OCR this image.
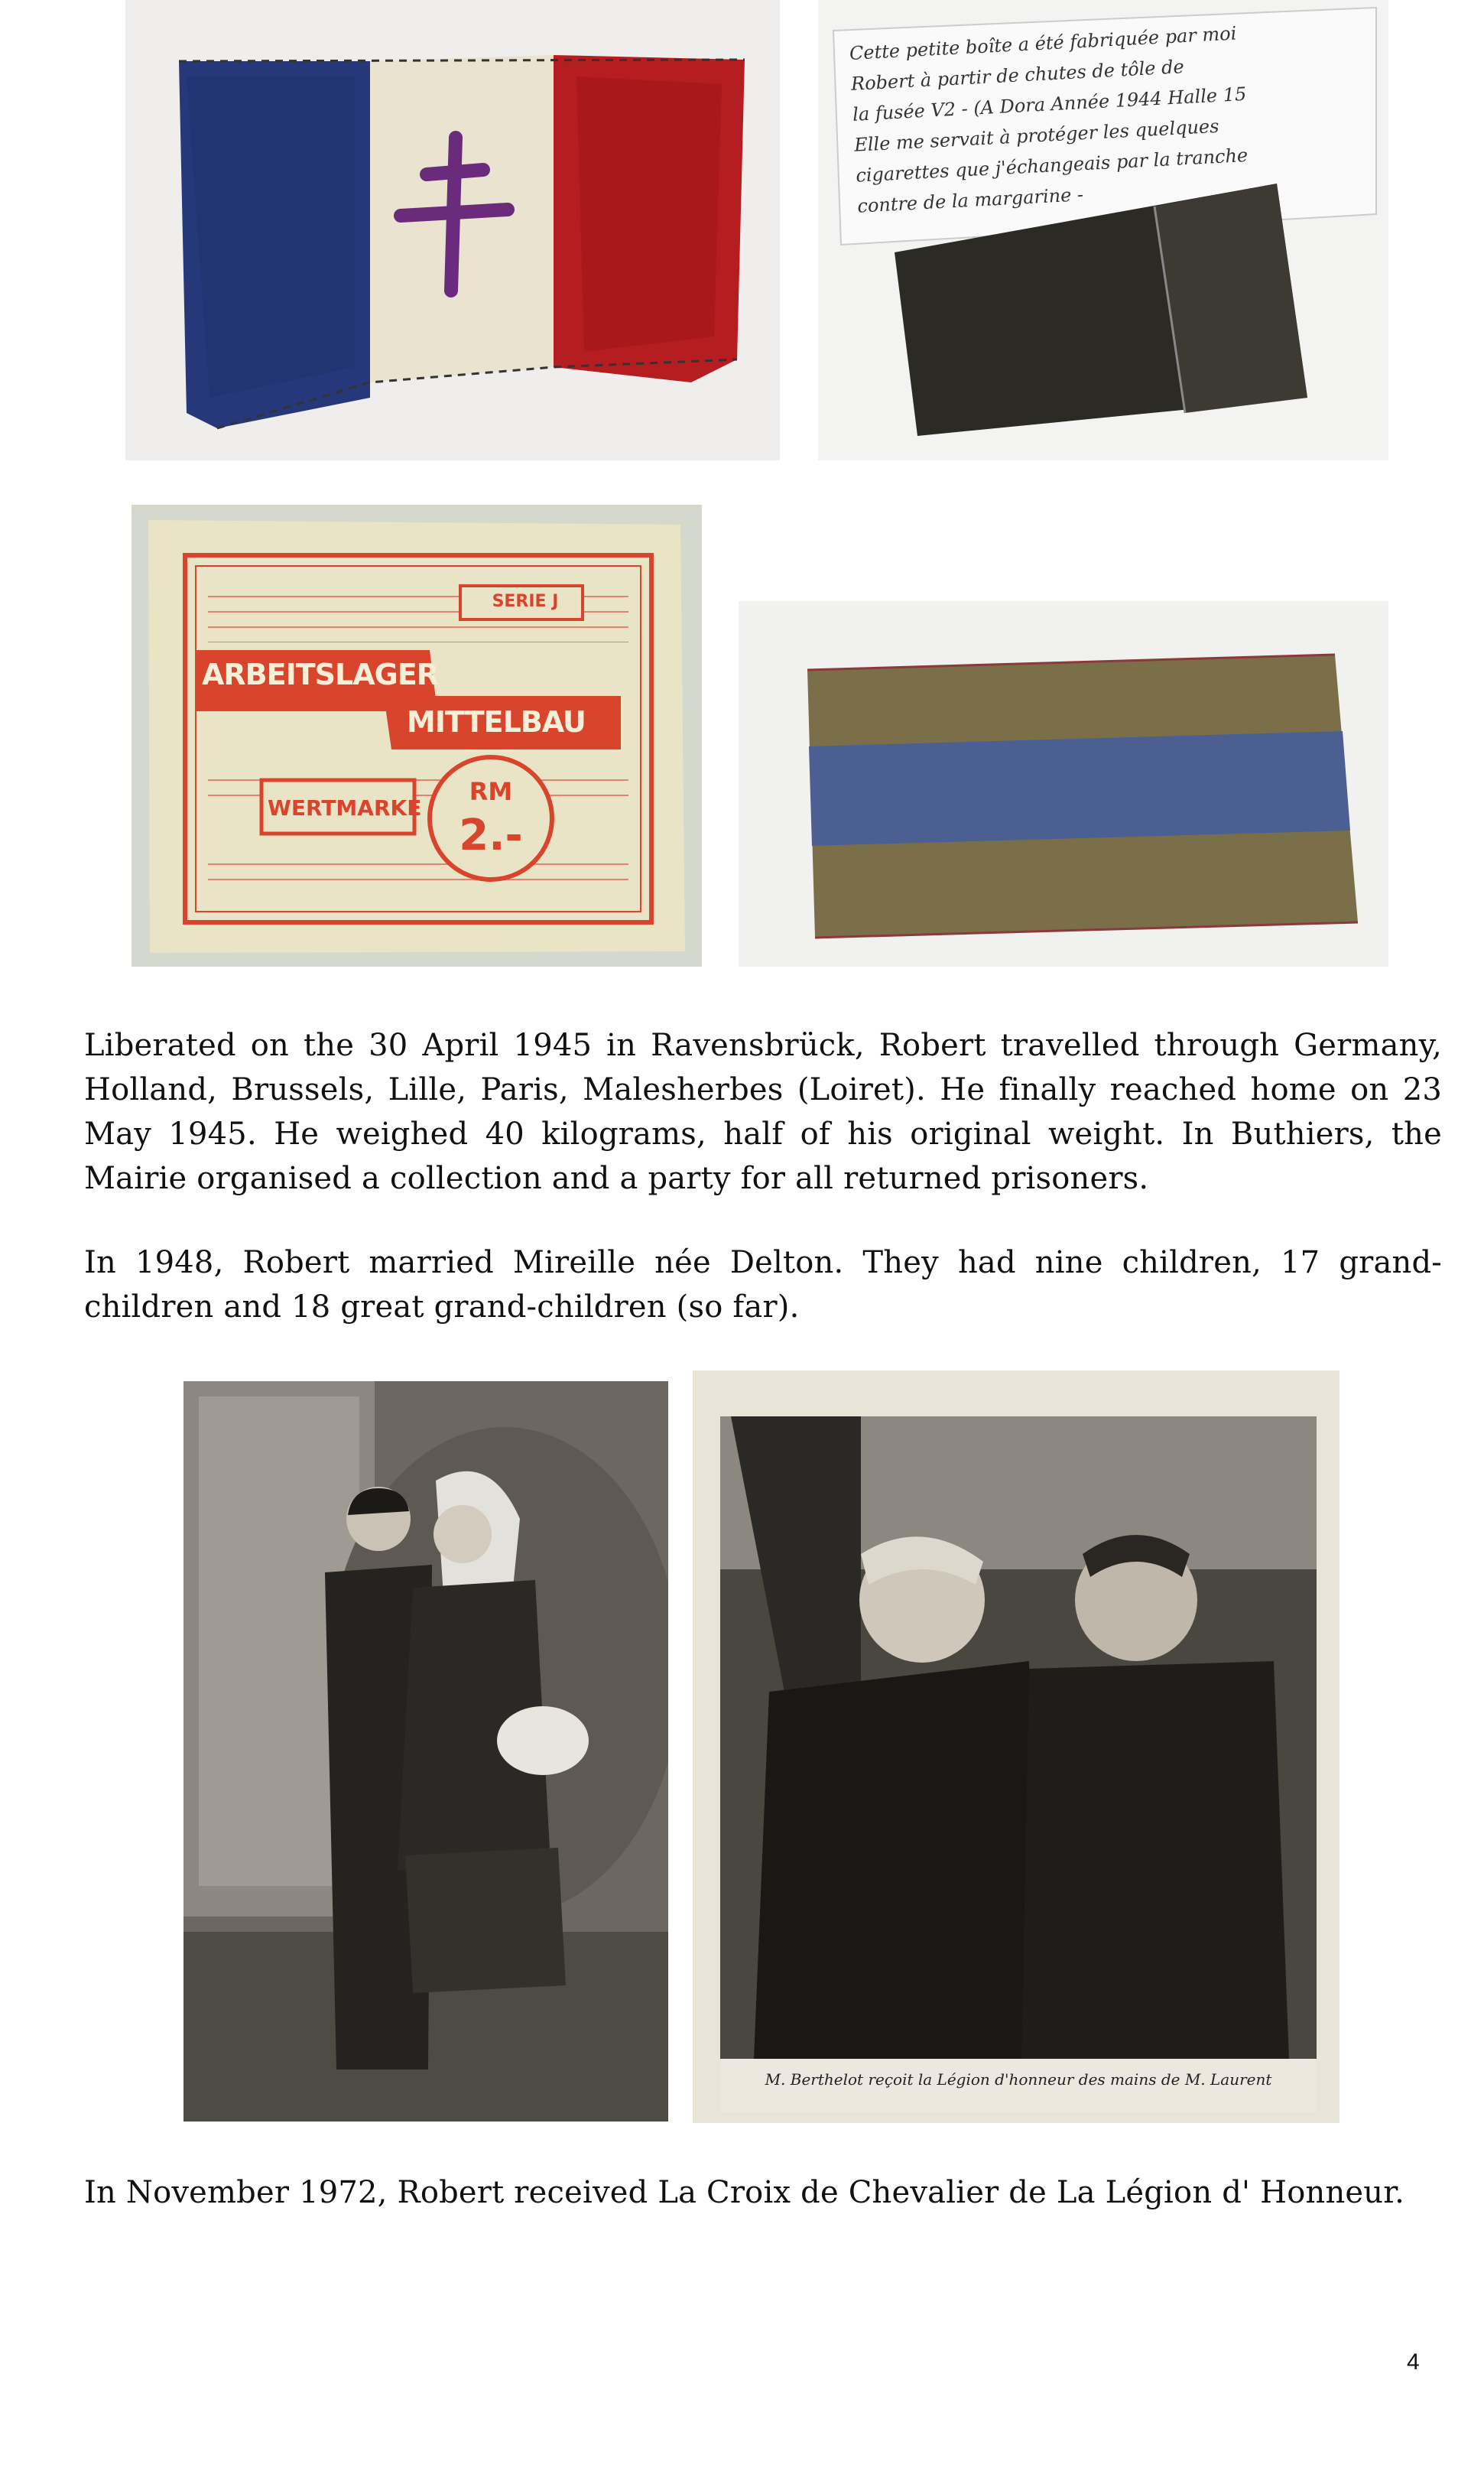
Cette petite boîte a été fabriquée par moi
Robert à partir de chutes de tôle de
la fusée V2 - (A Dora Année 1944 Halle 15
Elle me servait à protéger les quelques
cigarettes que j'échangeais par la tranche
contre de la margarine -
SERIE J
ARBEITSLAGER
MITTELBAU
WERTMARKE
RM
2.-

Liberated on the 30 April 1945 in Ravensbrück, Robert travelled through Germany, Holland, Brussels, Lille, Paris, Malesherbes (Loiret). He finally reached home on 23 May 1945. He weighed 40 kilograms, half of his original weight. In Buthiers, the Mairie organised a collection and a party for all returned prisoners.

In 1948, Robert married Mireille née Delton. They had nine children, 17 grand-children and 18 great grand-children (so far).

M. Berthelot reçoit la Légion d'honneur des mains de M. Laurent

In November 1972, Robert received La Croix de Chevalier de La Légion d' Honneur.

4
